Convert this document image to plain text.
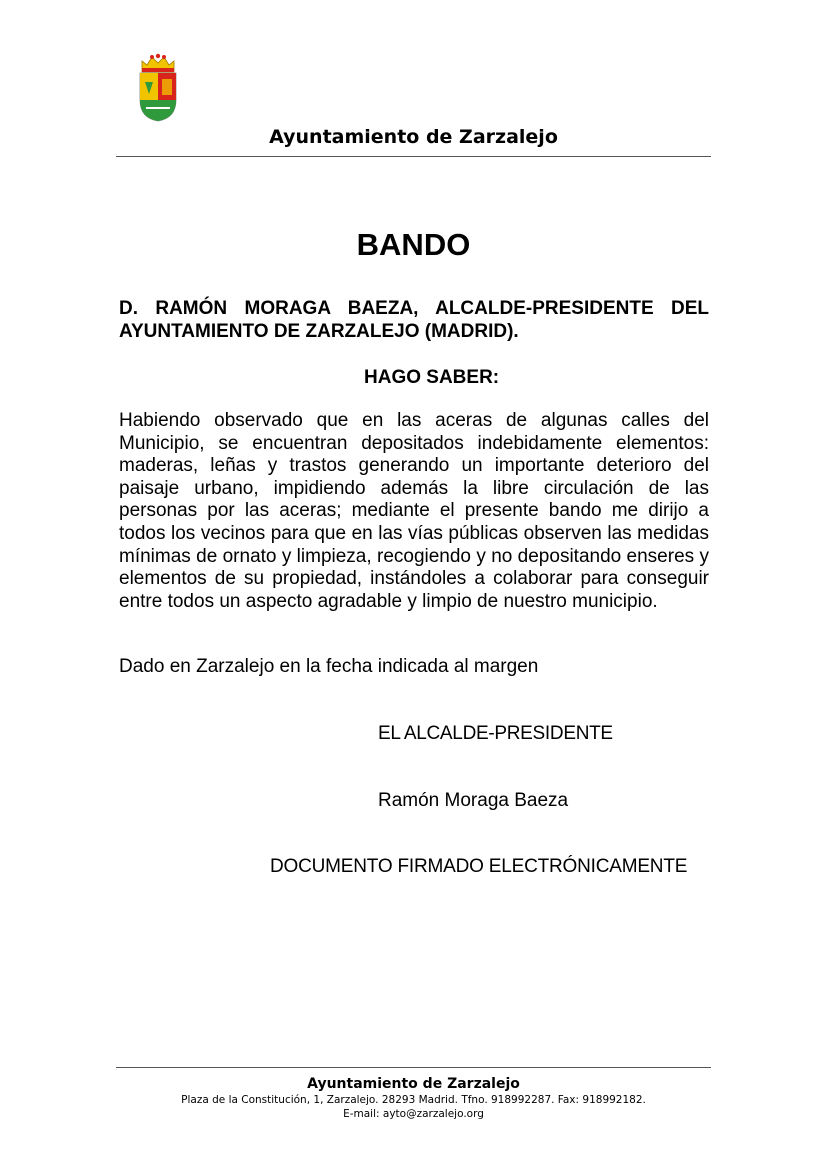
Ayuntamiento de Zarzalejo
BANDO
D. RAMÓN MORAGA BAEZA, ALCALDE-PRESIDENTE DEL AYUNTAMIENTO DE ZARZALEJO (MADRID).
HAGO SABER:
Habiendo observado que en las aceras de algunas calles del Municipio, se encuentran depositados indebidamente elementos: maderas, leñas y trastos generando un importante deterioro del paisaje urbano, impidiendo además la libre circulación de las personas por las aceras; mediante el presente bando me dirijo a todos los vecinos para que en las vías públicas observen las medidas mínimas de ornato y limpieza, recogiendo y no depositando enseres y elementos de su propiedad, instándoles a colaborar para conseguir entre todos un aspecto agradable y limpio de nuestro municipio.
Dado en Zarzalejo en la fecha indicada al margen
EL ALCALDE-PRESIDENTE
Ramón Moraga Baeza
DOCUMENTO FIRMADO ELECTRÓNICAMENTE
Ayuntamiento de Zarzalejo
Plaza de la Constitución, 1, Zarzalejo. 28293 Madrid. Tfno. 918992287. Fax: 918992182.
E-mail: ayto@zarzalejo.org
